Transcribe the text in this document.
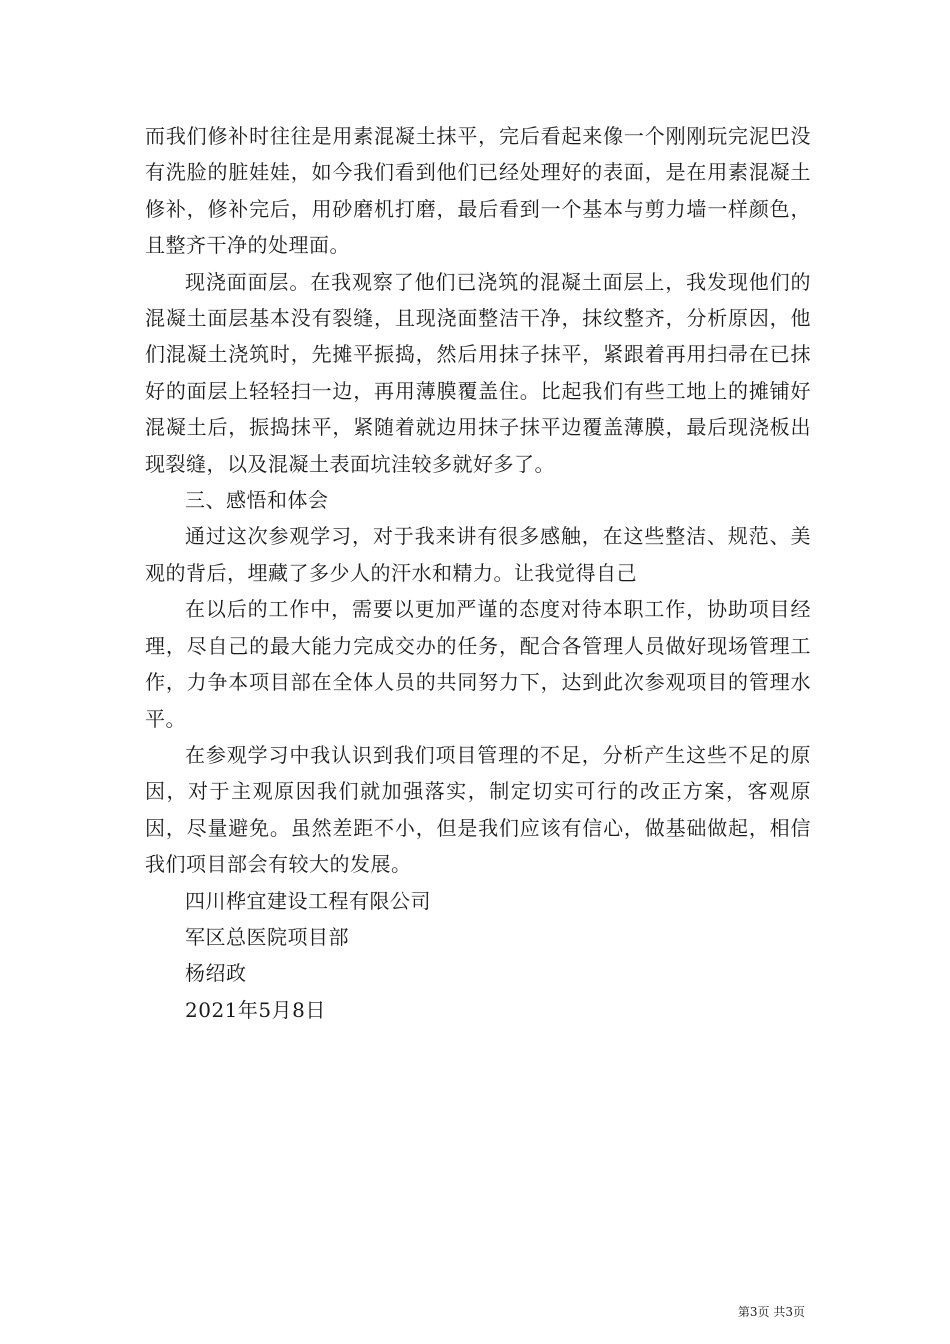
而我们修补时往往是用素混凝土抹平，完后看起来像一个刚刚玩完泥巴没有洗脸的脏娃娃，如今我们看到他们已经处理好的表面，是在用素混凝土修补，修补完后，用砂磨机打磨，最后看到一个基本与剪力墙一样颜色，且整齐干净的处理面。

现浇面面层。在我观察了他们已浇筑的混凝土面层上，我发现他们的混凝土面层基本没有裂缝，且现浇面整洁干净，抹纹整齐，分析原因，他们混凝土浇筑时，先摊平振捣，然后用抹子抹平，紧跟着再用扫帚在已抹好的面层上轻轻扫一边，再用薄膜覆盖住。比起我们有些工地上的摊铺好混凝土后，振捣抹平，紧随着就边用抹子抹平边覆盖薄膜，最后现浇板出现裂缝，以及混凝土表面坑洼较多就好多了。

三、感悟和体会

通过这次参观学习，对于我来讲有很多感触，在这些整洁、规范、美观的背后，埋藏了多少人的汗水和精力。让我觉得自己

在以后的工作中，需要以更加严谨的态度对待本职工作，协助项目经理，尽自己的最大能力完成交办的任务，配合各管理人员做好现场管理工作，力争本项目部在全体人员的共同努力下，达到此次参观项目的管理水平。

在参观学习中我认识到我们项目管理的不足，分析产生这些不足的原因，对于主观原因我们就加强落实，制定切实可行的改正方案，客观原因，尽量避免。虽然差距不小，但是我们应该有信心，做基础做起，相信我们项目部会有较大的发展。

四川桦宜建设工程有限公司

军区总医院项目部

杨绍政

2021年5月8日

第3页 共3页
